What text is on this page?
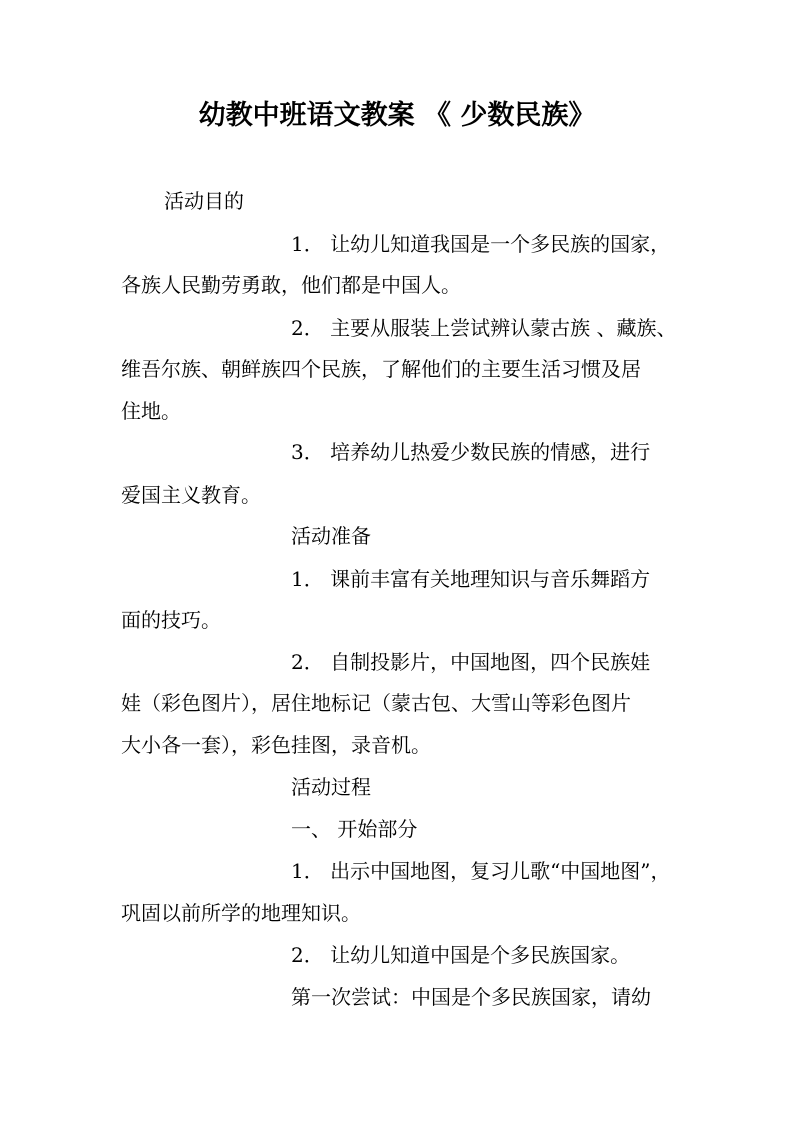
幼教中班语文教案 《 少数民族》

活动目的

1． 让幼儿知道我国是一个多民族的国家，

各族人民勤劳勇敢，他们都是中国人。

2． 主要从服装上尝试辨认蒙古族 、藏族、

维吾尔族、朝鲜族四个民族，了解他们的主要生活习惯及居

住地。

3． 培养幼儿热爱少数民族的情感，进行

爱国主义教育。

活动准备

1． 课前丰富有关地理知识与音乐舞蹈方

面的技巧。

2． 自制投影片，中国地图，四个民族娃

娃（彩色图片），居住地标记（蒙古包、大雪山等彩色图片

大小各一套），彩色挂图，录音机。

活动过程

一、 开始部分

1． 出示中国地图，复习儿歌“中国地图”，

巩固以前所学的地理知识。

2． 让幼儿知道中国是个多民族国家。

第一次尝试：中国是个多民族国家，请幼
